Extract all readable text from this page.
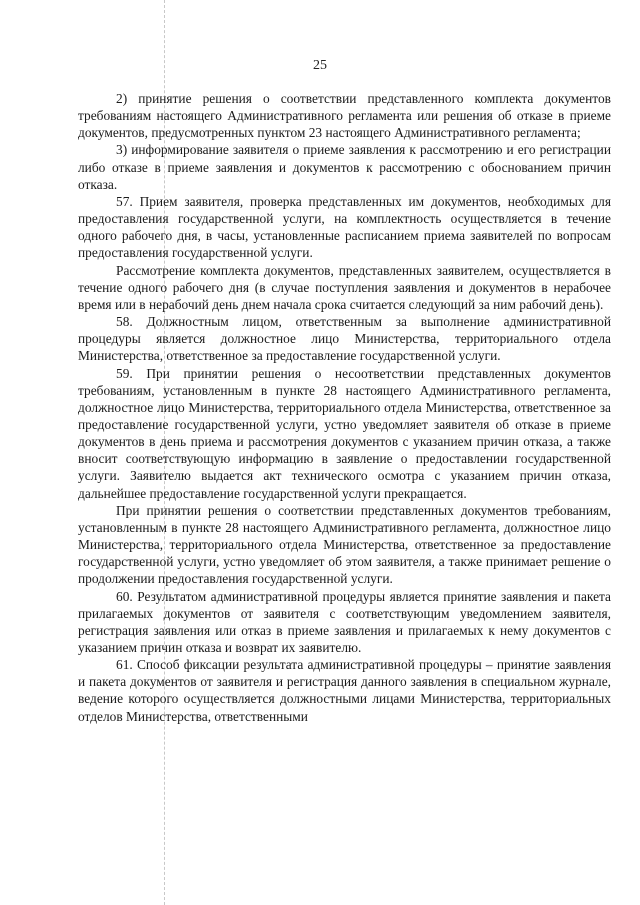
25

2) принятие решения о соответствии представленного комплекта документов требованиям настоящего Административного регламента или решения об отказе в приеме документов, предусмотренных пунктом 23 настоящего Административного регламента;

3) информирование заявителя о приеме заявления к рассмотрению и его регистрации либо отказе в приеме заявления и документов к рассмотрению с обоснованием причин отказа.

57. Прием заявителя, проверка представленных им документов, необходимых для предоставления государственной услуги, на комплектность осуществляется в течение одного рабочего дня, в часы, установленные расписанием приема заявителей по вопросам предоставления государственной услуги.

Рассмотрение комплекта документов, представленных заявителем, осуществляется в течение одного рабочего дня (в случае поступления заявления и документов в нерабочее время или в нерабочий день днем начала срока считается следующий за ним рабочий день).

58. Должностным лицом, ответственным за выполнение административной процедуры является должностное лицо Министерства, территориального отдела Министерства, ответственное за предоставление государственной услуги.

59. При принятии решения о несоответствии представленных документов требованиям, установленным в пункте 28 настоящего Административного регламента, должностное лицо Министерства, территориального отдела Министерства, ответственное за предоставление государственной услуги, устно уведомляет заявителя об отказе в приеме документов в день приема и рассмотрения документов с указанием причин отказа, а также вносит соответствующую информацию в заявление о предоставлении государственной услуги. Заявителю выдается акт технического осмотра с указанием причин отказа, дальнейшее предоставление государственной услуги прекращается.

При принятии решения о соответствии представленных документов требованиям, установленным в пункте 28 настоящего Административного регламента, должностное лицо Министерства, территориального отдела Министерства, ответственное за предоставление государственной услуги, устно уведомляет об этом заявителя, а также принимает решение о продолжении предоставления государственной услуги.

60. Результатом административной процедуры является принятие заявления и пакета прилагаемых документов от заявителя с соответствующим уведомлением заявителя, регистрация заявления или отказ в приеме заявления и прилагаемых к нему документов с указанием причин отказа и возврат их заявителю.

61. Способ фиксации результата административной процедуры – принятие заявления и пакета документов от заявителя и регистрация данного заявления в специальном журнале, ведение которого осуществляется должностными лицами Министерства, территориальных отделов Министерства, ответственными
